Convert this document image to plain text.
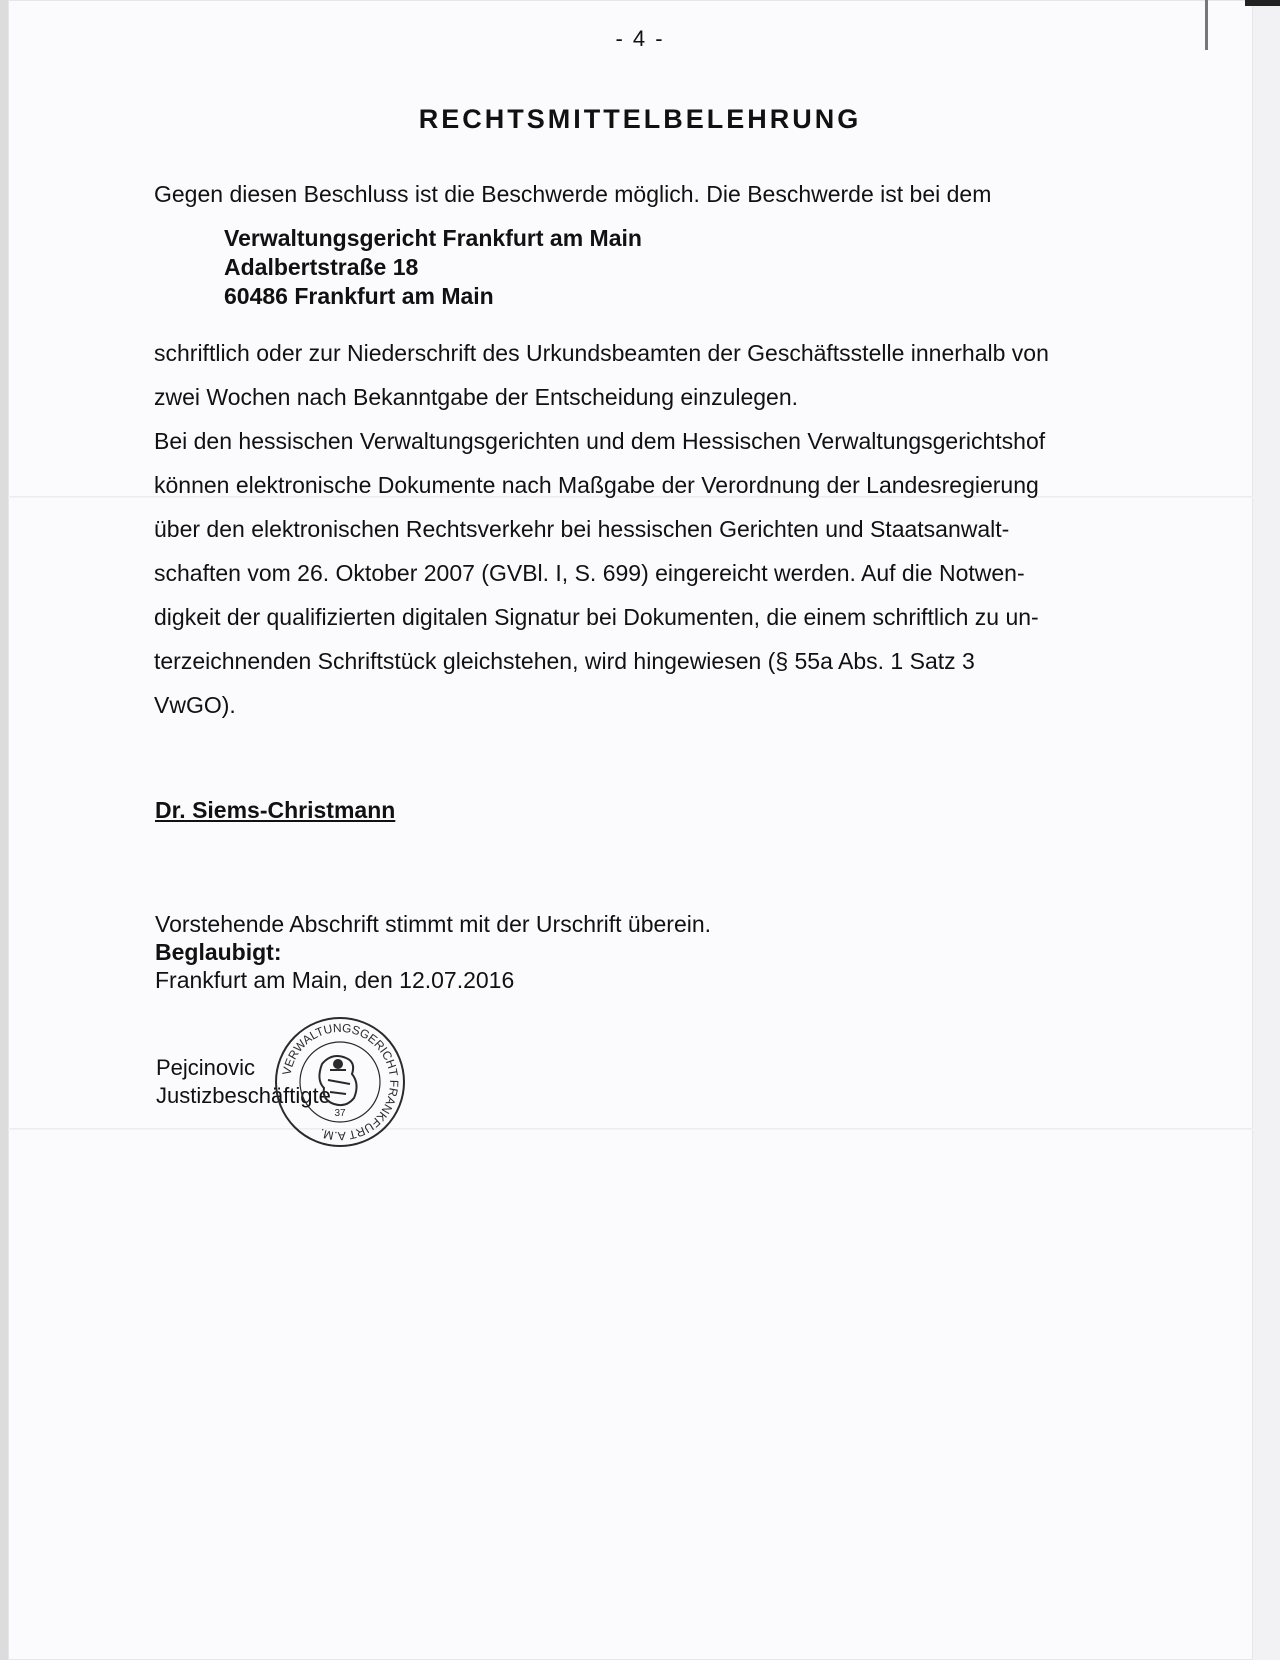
- 4 -
RECHTSMITTELBELEHRUNG
Gegen diesen Beschluss ist die Beschwerde möglich. Die Beschwerde ist bei dem
Verwaltungsgericht Frankfurt am Main
Adalbertstraße 18
60486 Frankfurt am Main
schriftlich oder zur Niederschrift des Urkundsbeamten der Geschäftsstelle innerhalb von
zwei Wochen nach Bekanntgabe der Entscheidung einzulegen.
Bei den hessischen Verwaltungsgerichten und dem Hessischen Verwaltungsgerichtshof
können elektronische Dokumente nach Maßgabe der Verordnung der Landesregierung
über den elektronischen Rechtsverkehr bei hessischen Gerichten und Staatsanwalt-
schaften vom 26. Oktober 2007 (GVBl. I, S. 699) eingereicht werden. Auf die Notwen-
digkeit der qualifizierten digitalen Signatur bei Dokumenten, die einem schriftlich zu un-
terzeichnenden Schriftstück gleichstehen, wird hingewiesen (§ 55a Abs. 1 Satz 3
VwGO).
Dr. Siems-Christmann
Vorstehende Abschrift stimmt mit der Urschrift überein.
Beglaubigt:
Frankfurt am Main, den 12.07.2016
Pejcinovic
Justizbeschäftigte
VERWALTUNGSGERICHT FRANKFURT A.M.
37
